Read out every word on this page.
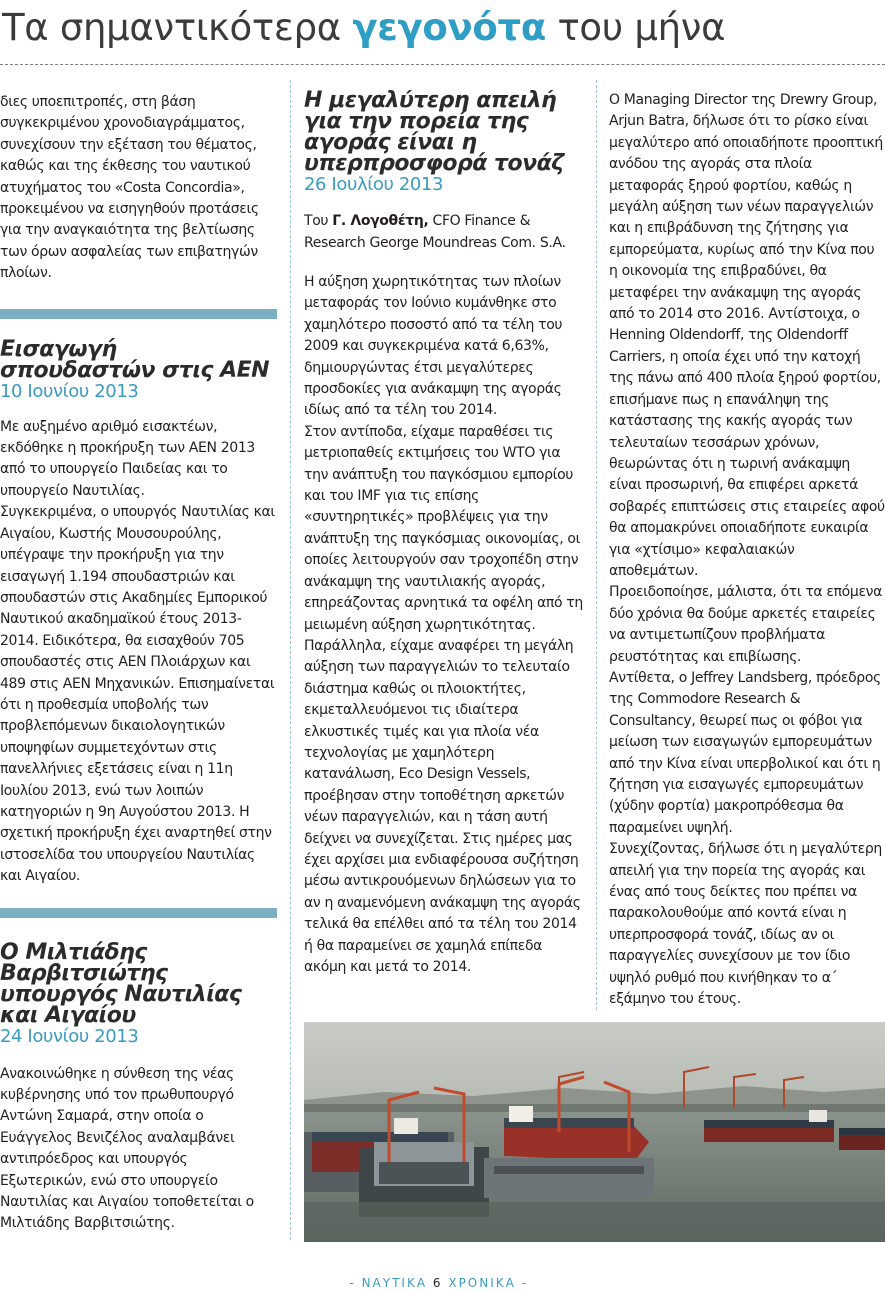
Τα σημαντικότερα γεγονότα του μήνα

διες υποεπιτροπές, στη βάση συγκεκριμένου χρονοδιαγράμματος, συνεχίσουν την εξέταση του θέματος, καθώς και της έκθεσης του ναυτικού ατυχήματος του «Costa Concordia», προκειμένου να εισηγηθούν προτάσεις για την αναγκαιότητα της βελτίωσης των όρων ασφαλείας των επιβατηγών πλοίων.

Εισαγωγή σπουδαστών στις ΑΕΝ
10 Ιουνίου 2013

Με αυξημένο αριθμό εισακτέων, εκδόθηκε η προκήρυξη των ΑΕΝ 2013 από το υπουργείο Παιδείας και το υπουργείο Ναυτιλίας.
Συγκεκριμένα, ο υπουργός Ναυτιλίας και Αιγαίου, Κωστής Μουσουρούλης, υπέγραψε την προκήρυξη για την εισαγωγή 1.194 σπουδαστριών και σπουδαστών στις Ακαδημίες Εμπορικού Ναυτικού ακαδημαϊκού έτους 2013-2014. Ειδικότερα, θα εισαχθούν 705 σπουδαστές στις ΑΕΝ Πλοιάρχων και 489 στις ΑΕΝ Μηχανικών. Επισημαίνεται ότι η προθεσμία υποβολής των προβλεπόμενων δικαιολογητικών υποψηφίων συμμετεχόντων στις πανελλήνιες εξετάσεις είναι η 11η Ιουλίου 2013, ενώ των λοιπών κατηγοριών η 9η Αυγούστου 2013. Η σχετική προκήρυξη έχει αναρτηθεί στην ιστοσελίδα του υπουργείου Ναυτιλίας και Αιγαίου.

Ο Μιλτιάδης Βαρβιτσιώτης υπουργός Ναυτιλίας και Αιγαίου
24 Ιουνίου 2013

Ανακοινώθηκε η σύνθεση της νέας κυβέρνησης υπό τον πρωθυπουργό Αντώνη Σαμαρά, στην οποία ο Ευάγγελος Βενιζέλος αναλαμβάνει αντιπρόεδρος και υπουργός Εξωτερικών, ενώ στο υπουργείο Ναυτιλίας και Αιγαίου τοποθετείται ο Μιλτιάδης Βαρβιτσιώτης.

Η μεγαλύτερη απειλή για την πορεία της αγοράς είναι η υπερπροσφορά τονάζ
26 Ιουλίου 2013

Του Γ. Λογοθέτη, CFO Finance & Research George Moundreas Com. S.A.

Η αύξηση χωρητικότητας των πλοίων μεταφοράς τον Ιούνιο κυμάνθηκε στο χαμηλότερο ποσοστό από τα τέλη του 2009 και συγκεκριμένα κατά 6,63%, δημιουργώντας έτσι μεγαλύτερες προσδοκίες για ανάκαμψη της αγοράς ιδίως από τα τέλη του 2014.
Στον αντίποδα, είχαμε παραθέσει τις μετριοπαθείς εκτιμήσεις του WTO για την ανάπτυξη του παγκόσμιου εμπορίου και του IMF για τις επίσης «συντηρητικές» προβλέψεις για την ανάπτυξη της παγκόσμιας οικονομίας, οι οποίες λειτουργούν σαν τροχοπέδη στην ανάκαμψη της ναυτιλιακής αγοράς, επηρεάζοντας αρνητικά τα οφέλη από τη μειωμένη αύξηση χωρητικότητας.
Παράλληλα, είχαμε αναφέρει τη μεγάλη αύξηση των παραγγελιών το τελευταίο διάστημα καθώς οι πλοιοκτήτες, εκμεταλλευόμενοι τις ιδιαίτερα ελκυστικές τιμές και για πλοία νέα τεχνολογίας με χαμηλότερη κατανάλωση, Eco Design Vessels, προέβησαν στην τοποθέτηση αρκετών νέων παραγγελιών, και η τάση αυτή δείχνει να συνεχίζεται. Στις ημέρες μας έχει αρχίσει μια ενδιαφέρουσα συζήτηση μέσω αντικρουόμενων δηλώσεων για το αν η αναμενόμενη ανάκαμψη της αγοράς τελικά θα επέλθει από τα τέλη του 2014 ή θα παραμείνει σε χαμηλά επίπεδα ακόμη και μετά το 2014.

Ο Managing Director της Drewry Group, Arjun Batra, δήλωσε ότι το ρίσκο είναι μεγαλύτερο από οποιαδήποτε προοπτική ανόδου της αγοράς στα πλοία μεταφοράς ξηρού φορτίου, καθώς η μεγάλη αύξηση των νέων παραγγελιών και η επιβράδυνση της ζήτησης για εμπορεύματα, κυρίως από την Κίνα που η οικονομία της επιβραδύνει, θα μεταφέρει την ανάκαμψη της αγοράς από το 2014 στο 2016. Αντίστοιχα, ο Henning Oldendorff, της Oldendorff Carriers, η οποία έχει υπό την κατοχή της πάνω από 400 πλοία ξηρού φορτίου, επισήμανε πως η επανάληψη της κατάστασης της κακής αγοράς των τελευταίων τεσσάρων χρόνων, θεωρώντας ότι η τωρινή ανάκαμψη είναι προσωρινή, θα επιφέρει αρκετά σοβαρές επιπτώσεις στις εταιρείες αφού θα απομακρύνει οποιαδήποτε ευκαιρία για «χτίσιμο» κεφαλαιακών αποθεμάτων.
Προειδοποίησε, μάλιστα, ότι τα επόμενα δύο χρόνια θα δούμε αρκετές εταιρείες να αντιμετωπίζουν προβλήματα ρευστότητας και επιβίωσης.
Αντίθετα, ο Jeffrey Landsberg, πρόεδρος της Commodore Research & Consultancy, θεωρεί πως οι φόβοι για μείωση των εισαγωγών εμπορευμάτων από την Κίνα είναι υπερβολικοί και ότι η ζήτηση για εισαγωγές εμπορευμάτων (χύδην φορτία) μακροπρόθεσμα θα παραμείνει υψηλή.
Συνεχίζοντας, δήλωσε ότι η μεγαλύτερη απειλή για την πορεία της αγοράς και ένας από τους δείκτες που πρέπει να παρακολουθούμε από κοντά είναι η υπερπροσφορά τονάζ, ιδίως αν οι παραγγελίες συνεχίσουν με τον ίδιο υψηλό ρυθμό που κινήθηκαν το α΄ εξάμηνο του έτους.

- ΝΑΥΤΙΚΑ 6 ΧΡΟΝΙΚΑ -
